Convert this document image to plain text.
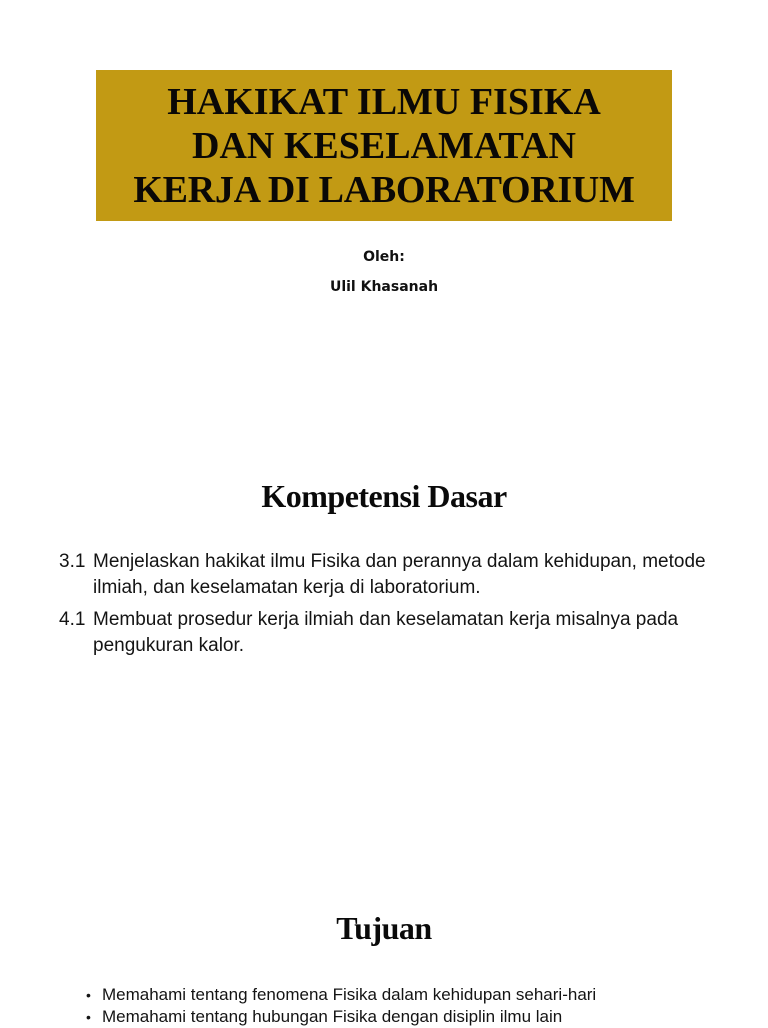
HAKIKAT ILMU FISIKA
DAN KESELAMATAN
KERJA DI LABORATORIUM
Oleh:
Ulil Khasanah
Kompetensi Dasar
3.1 Menjelaskan hakikat ilmu Fisika dan perannya dalam kehidupan, metode ilmiah, dan keselamatan kerja di laboratorium.
4.1 Membuat prosedur kerja ilmiah dan keselamatan kerja misalnya pada pengukuran kalor.
Tujuan
• Memahami tentang fenomena Fisika dalam kehidupan sehari-hari
• Memahami tentang hubungan Fisika dengan disiplin ilmu lain
